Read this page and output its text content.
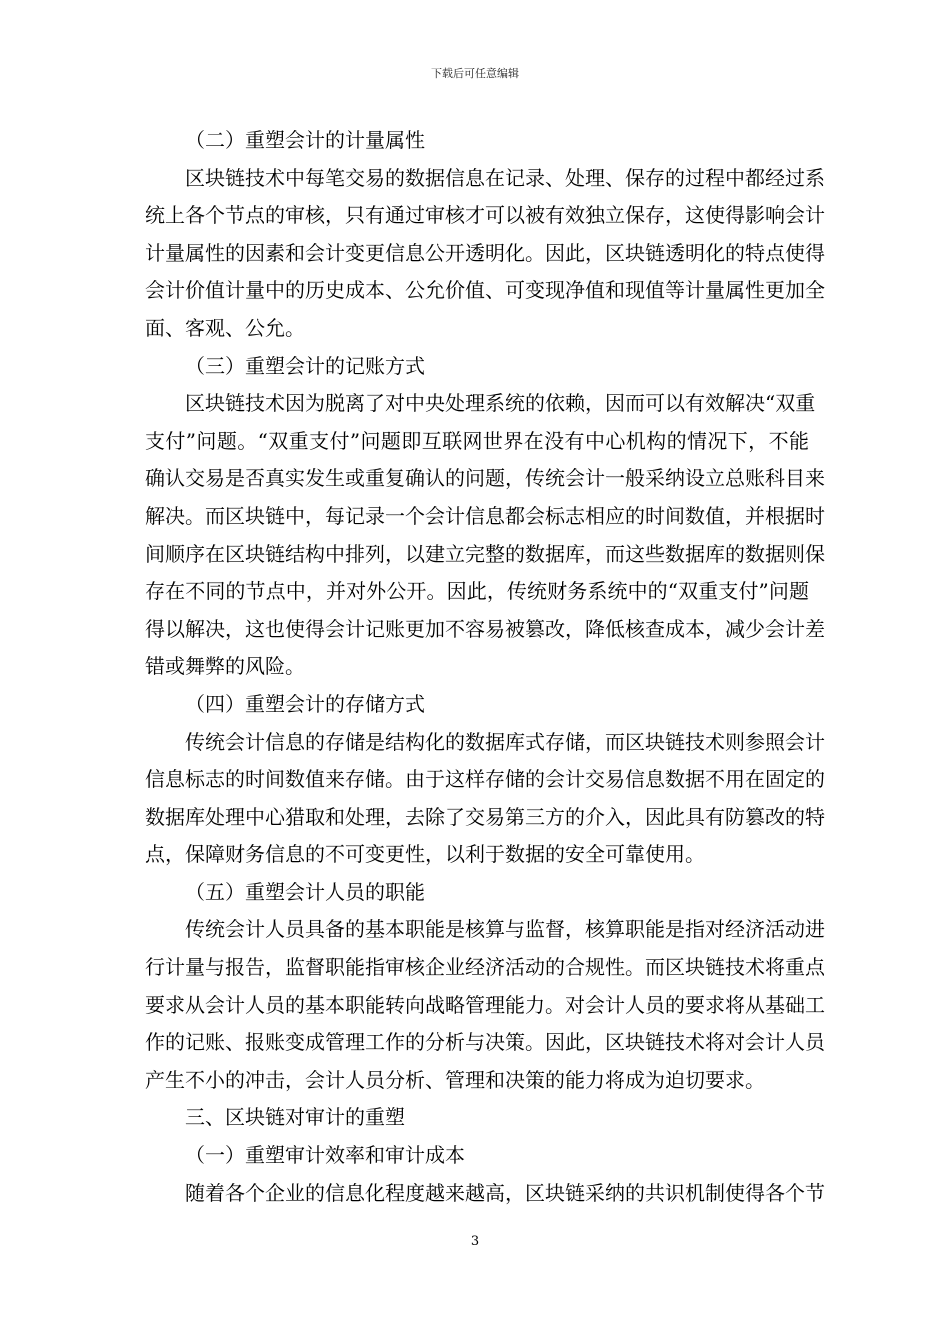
下载后可任意编辑
（二）重塑会计的计量属性
区块链技术中每笔交易的数据信息在记录、处理、保存的过程中都经过系
统上各个节点的审核，只有通过审核才可以被有效独立保存，这使得影响会计
计量属性的因素和会计变更信息公开透明化。因此，区块链透明化的特点使得
会计价值计量中的历史成本、公允价值、可变现净值和现值等计量属性更加全
面、客观、公允。
（三）重塑会计的记账方式
区块链技术因为脱离了对中央处理系统的依赖，因而可以有效解决“双重
支付”问题。“双重支付”问题即互联网世界在没有中心机构的情况下，不能
确认交易是否真实发生或重复确认的问题，传统会计一般采纳设立总账科目来
解决。而区块链中，每记录一个会计信息都会标志相应的时间数值，并根据时
间顺序在区块链结构中排列，以建立完整的数据库，而这些数据库的数据则保
存在不同的节点中，并对外公开。因此，传统财务系统中的“双重支付”问题
得以解决，这也使得会计记账更加不容易被篡改，降低核查成本，减少会计差
错或舞弊的风险。
（四）重塑会计的存储方式
传统会计信息的存储是结构化的数据库式存储，而区块链技术则参照会计
信息标志的时间数值来存储。由于这样存储的会计交易信息数据不用在固定的
数据库处理中心猎取和处理，去除了交易第三方的介入，因此具有防篡改的特
点，保障财务信息的不可变更性，以利于数据的安全可靠使用。
（五）重塑会计人员的职能
传统会计人员具备的基本职能是核算与监督，核算职能是指对经济活动进
行计量与报告，监督职能指审核企业经济活动的合规性。而区块链技术将重点
要求从会计人员的基本职能转向战略管理能力。对会计人员的要求将从基础工
作的记账、报账变成管理工作的分析与决策。因此，区块链技术将对会计人员
产生不小的冲击，会计人员分析、管理和决策的能力将成为迫切要求。
三、区块链对审计的重塑
（一）重塑审计效率和审计成本
随着各个企业的信息化程度越来越高，区块链采纳的共识机制使得各个节
3
